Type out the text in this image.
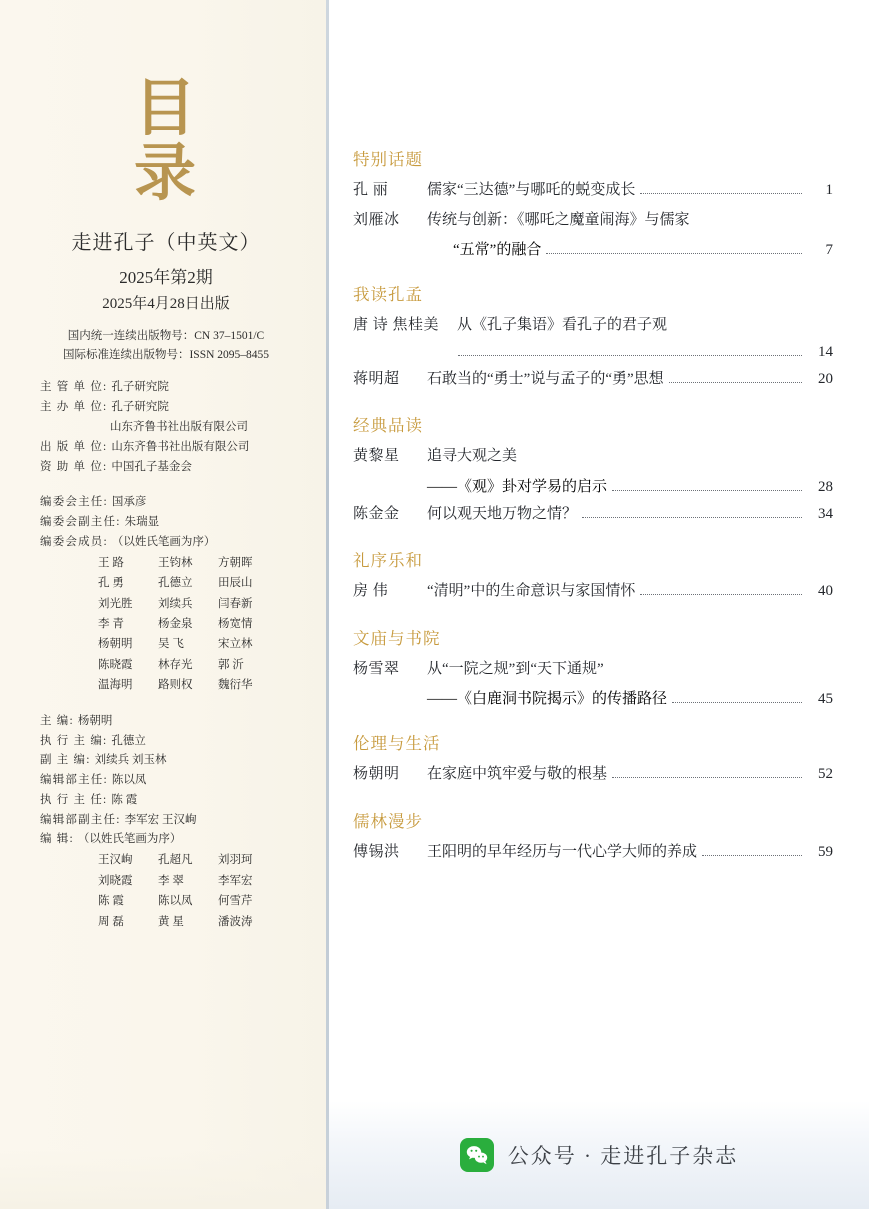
目
录
走进孔子（中英文）
2025年第2期
2025年4月28日出版
国内统一连续出版物号：CN 37–1501/C
国际标准连续出版物号：ISSN 2095–8455
主 管 单 位: 孔子研究院
主 办 单 位: 孔子研究院
山东齐鲁书社出版有限公司
出 版 单 位: 山东齐鲁书社出版有限公司
资 助 单 位: 中国孔子基金会
编委会主任: 国承彦
编委会副主任: 朱瑞显
编委会成员: （以姓氏笔画为序）
王 路	王钧林	方朝晖
孔 勇	孔德立	田辰山
刘光胜	刘续兵	闫春新
李 青	杨金泉	杨宽情
杨朝明	吴 飞	宋立林
陈晓霞	林存光	郭 沂
温海明	路则权	魏衍华
主 编: 杨朝明
执 行 主 编: 孔德立
副 主 编: 刘续兵 刘玉林
编辑部主任: 陈以凤
执 行 主 任: 陈 霞
编辑部副主任: 李军宏 王汉峋
编 辑: （以姓氏笔画为序）
王汉峋	孔超凡	刘羽珂
刘晓霞	李 翠	李军宏
陈 霞	陈以凤	何雪芹
周 磊	黄 星	潘波涛
特别话题
孔 丽	儒家“三达德”与哪吒的蜕变成长	1
刘雁冰	传统与创新：《哪吒之魔童闹海》与儒家
“五常”的融合	7
我读孔孟
唐 诗 焦桂美	从《孔子集语》看孔子的君子观
14
蒋明超	石敢当的“勇士”说与孟子的“勇”思想	20
经典品读
黄黎星	追寻大观之美
——《观》卦对学易的启示	28
陈金金	何以观天地万物之情？	34
礼序乐和
房 伟	“清明”中的生命意识与家国情怀	40
文庙与书院
杨雪翠	从“一院之规”到“天下通规”
——《白鹿洞书院揭示》的传播路径	45
伦理与生活
杨朝明	在家庭中筑牢爱与敬的根基	52
儒林漫步
傅锡洪	王阳明的早年经历与一代心学大师的养成	59
公众号 · 走进孔子杂志
